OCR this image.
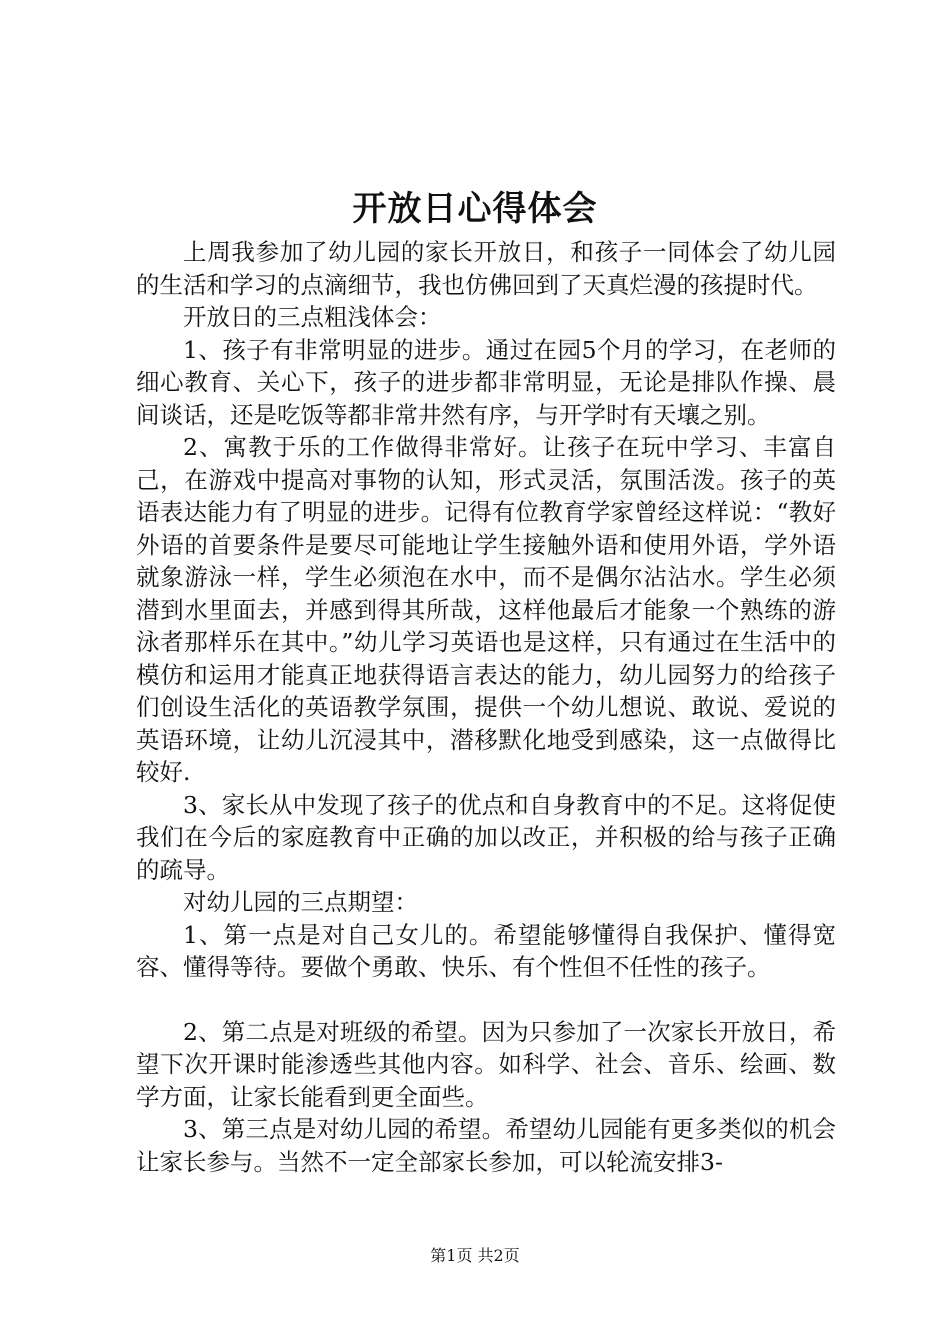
开放日心得体会

上周我参加了幼儿园的家长开放日，和孩子一同体会了幼儿园的生活和学习的点滴细节，我也仿佛回到了天真烂漫的孩提时代。

开放日的三点粗浅体会：

1、孩子有非常明显的进步。通过在园5个月的学习，在老师的细心教育、关心下，孩子的进步都非常明显，无论是排队作操、晨间谈话，还是吃饭等都非常井然有序，与开学时有天壤之别。

2、寓教于乐的工作做得非常好。让孩子在玩中学习、丰富自己，在游戏中提高对事物的认知，形式灵活，氛围活泼。孩子的英语表达能力有了明显的进步。记得有位教育学家曾经这样说：“教好外语的首要条件是要尽可能地让学生接触外语和使用外语，学外语就象游泳一样，学生必须泡在水中，而不是偶尔沾沾水。学生必须潜到水里面去，并感到得其所哉，这样他最后才能象一个熟练的游泳者那样乐在其中。”幼儿学习英语也是这样，只有通过在生活中的模仿和运用才能真正地获得语言表达的能力，幼儿园努力的给孩子们创设生活化的英语教学氛围，提供一个幼儿想说、敢说、爱说的英语环境，让幼儿沉浸其中，潜移默化地受到感染，这一点做得比较好.

3、家长从中发现了孩子的优点和自身教育中的不足。这将促使我们在今后的家庭教育中正确的加以改正，并积极的给与孩子正确的疏导。

对幼儿园的三点期望：

1、第一点是对自己女儿的。希望能够懂得自我保护、懂得宽容、懂得等待。要做个勇敢、快乐、有个性但不任性的孩子。

2、第二点是对班级的希望。因为只参加了一次家长开放日，希望下次开课时能渗透些其他内容。如科学、社会、音乐、绘画、数学方面，让家长能看到更全面些。

3、第三点是对幼儿园的希望。希望幼儿园能有更多类似的机会让家长参与。当然不一定全部家长参加，可以轮流安排3-

第1页 共2页
